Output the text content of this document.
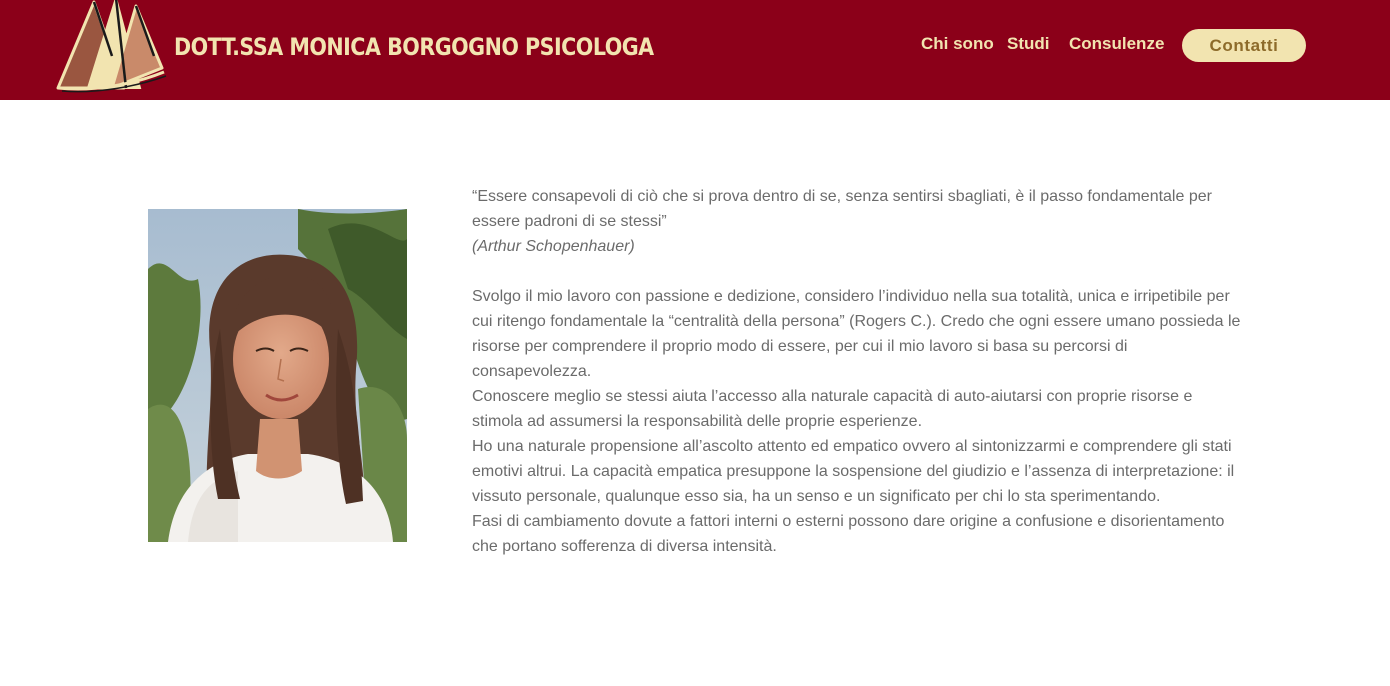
DOTT.SSA MONICA BORGOGNO PSICOLOGA	Chi sono Studi Consulenze	Contatti

“Essere consapevoli di ciò che si prova dentro di se, senza sentirsi sbagliati, è il passo fondamentale per essere padroni di se stessi”

(Arthur Schopenhauer)

Svolgo il mio lavoro con passione e dedizione, considero l’individuo nella sua totalità, unica e irripetibile per cui ritengo fondamentale la “centralità della persona” (Rogers C.). Credo che ogni essere umano possieda le risorse per comprendere il proprio modo di essere, per cui il mio lavoro si basa su percorsi di consapevolezza.

Conoscere meglio se stessi aiuta l’accesso alla naturale capacità di auto-aiutarsi con proprie risorse e stimola ad assumersi la responsabilità delle proprie esperienze.

Ho una naturale propensione all’ascolto attento ed empatico ovvero al sintonizzarmi e comprendere gli stati emotivi altrui. La capacità empatica presuppone la sospensione del giudizio e l’assenza di interpretazione: il vissuto personale, qualunque esso sia, ha un senso e un significato per chi lo sta sperimentando.

Fasi di cambiamento dovute a fattori interni o esterni possono dare origine a confusione e disorientamento che portano sofferenza di diversa intensità.
